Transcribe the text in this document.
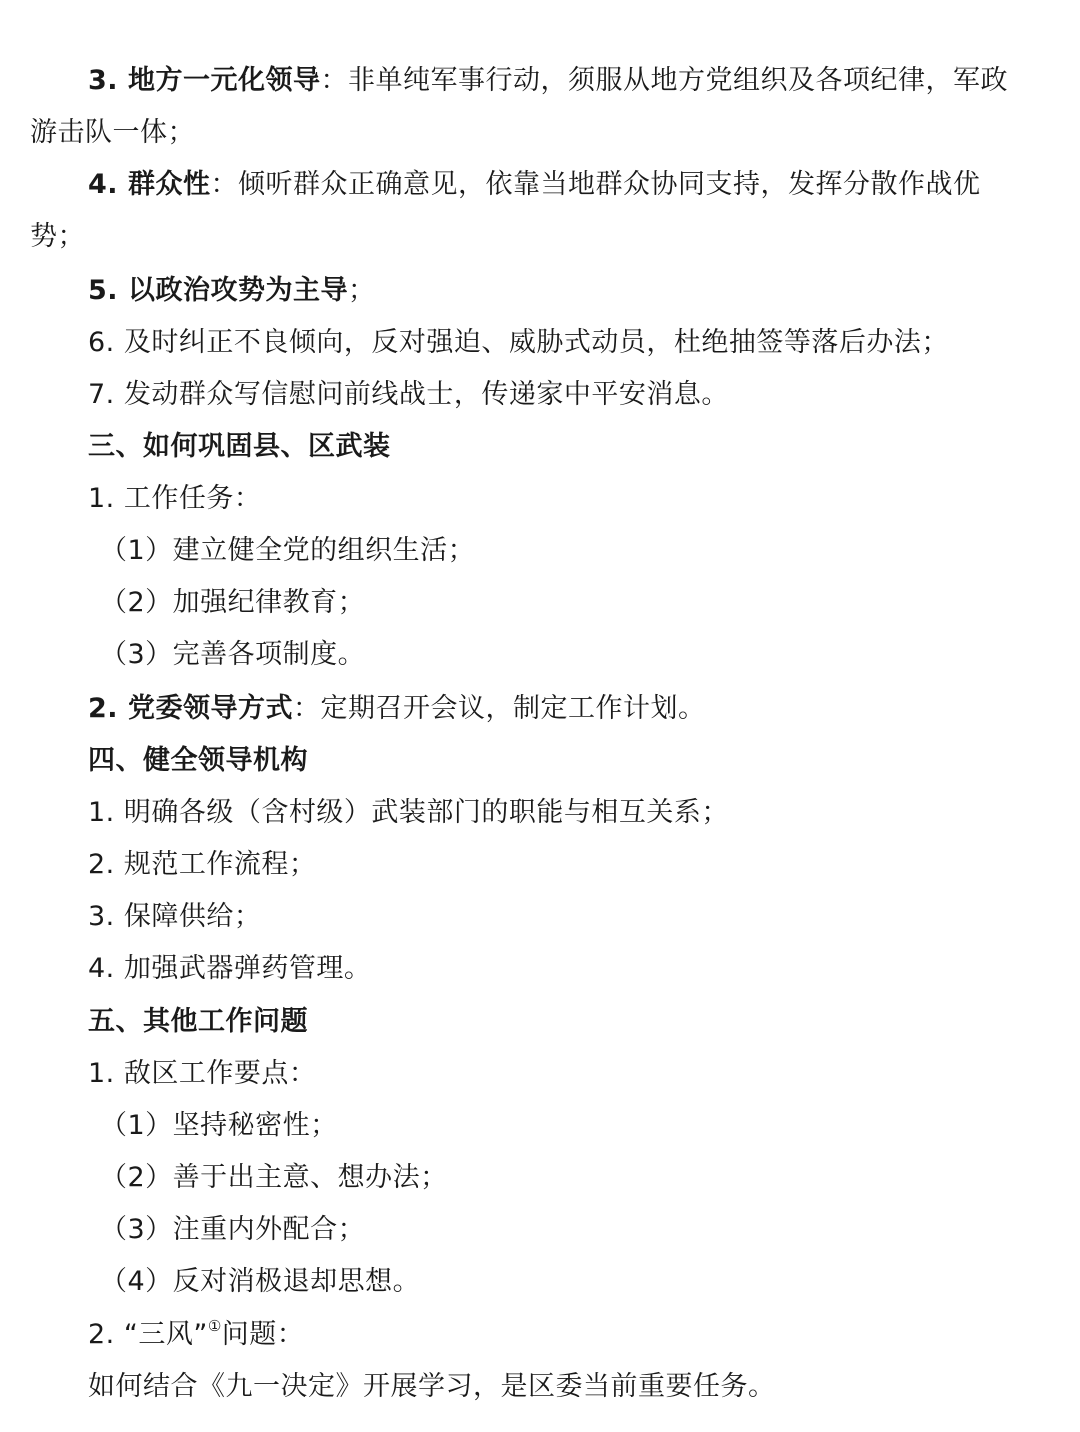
3. 地方一元化领导：非单纯军事行动，须服从地方党组织及各项纪律，军政
游击队一体；
4. 群众性：倾听群众正确意见，依靠当地群众协同支持，发挥分散作战优
势；
5. 以政治攻势为主导；
6. 及时纠正不良倾向，反对强迫、威胁式动员，杜绝抽签等落后办法；
7. 发动群众写信慰问前线战士，传递家中平安消息。
三、如何巩固县、区武装
1. 工作任务：
（1）建立健全党的组织生活；
（2）加强纪律教育；
（3）完善各项制度。
2. 党委领导方式：定期召开会议，制定工作计划。
四、健全领导机构
1. 明确各级（含村级）武装部门的职能与相互关系；
2. 规范工作流程；
3. 保障供给；
4. 加强武器弹药管理。
五、其他工作问题
1. 敌区工作要点：
（1）坚持秘密性；
（2）善于出主意、想办法；
（3）注重内外配合；
（4）反对消极退却思想。
2. “三风”①问题：
如何结合《九一决定》开展学习，是区委当前重要任务。
